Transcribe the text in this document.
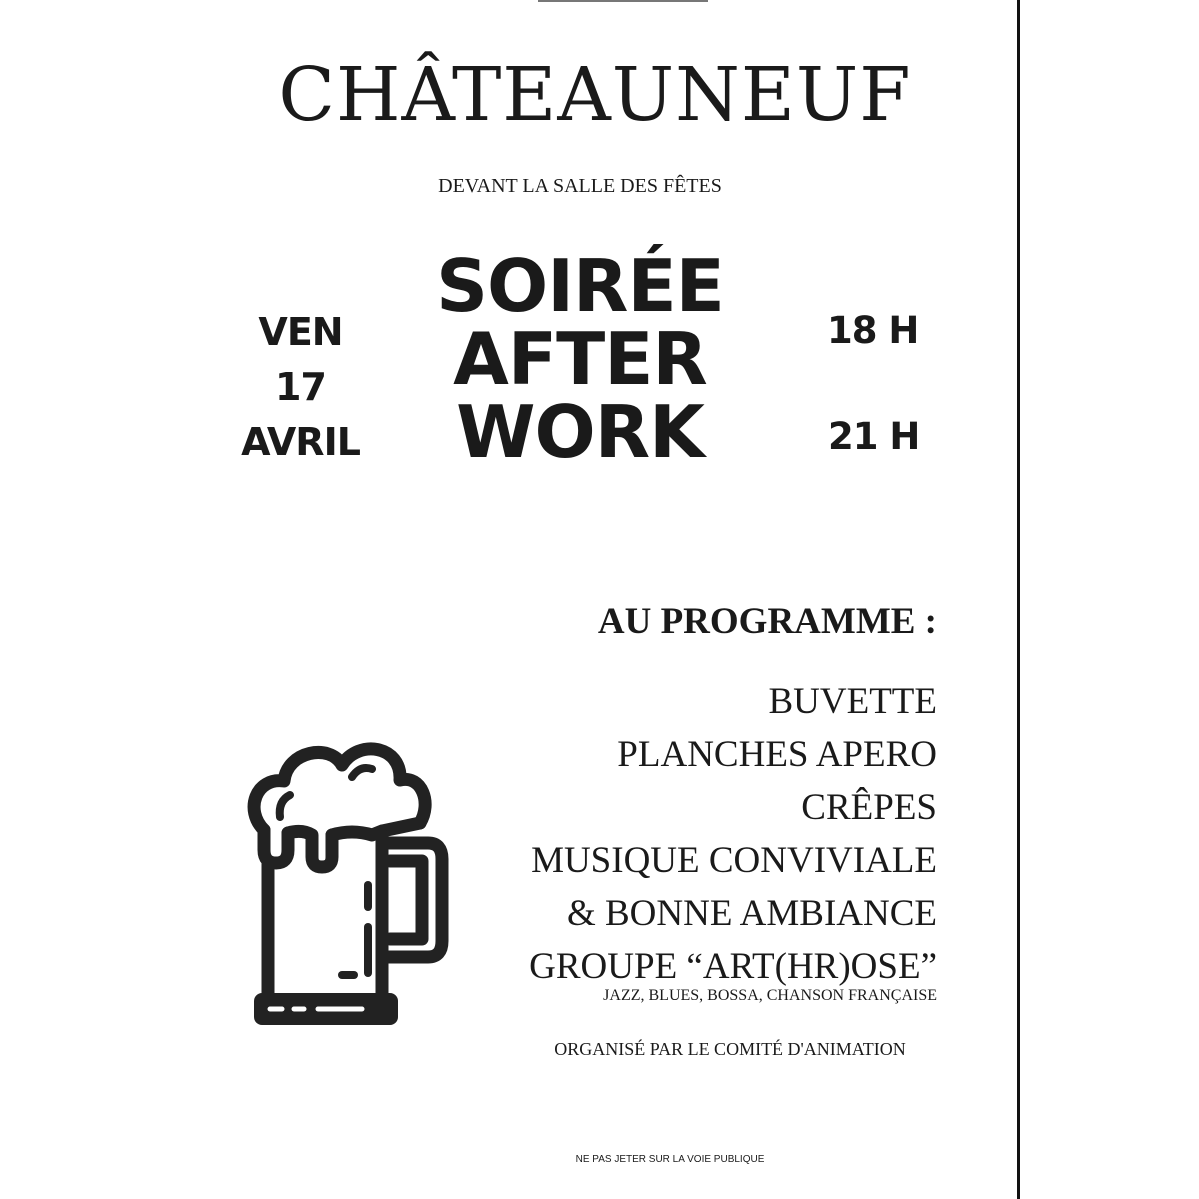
CHÂTEAUNEUF
DEVANT LA SALLE DES FÊTES
VEN
17
AVRIL
SOIRÉE
AFTER
WORK
18 H
21 H
AU PROGRAMME :
BUVETTE
PLANCHES APERO
CRÊPES
MUSIQUE CONVIVIALE
& BONNE AMBIANCE
GROUPE “ART(HR)OSE”
JAZZ, BLUES, BOSSA, CHANSON FRANÇAISE
ORGANISÉ PAR LE COMITÉ D'ANIMATION
NE PAS JETER SUR LA VOIE PUBLIQUE
